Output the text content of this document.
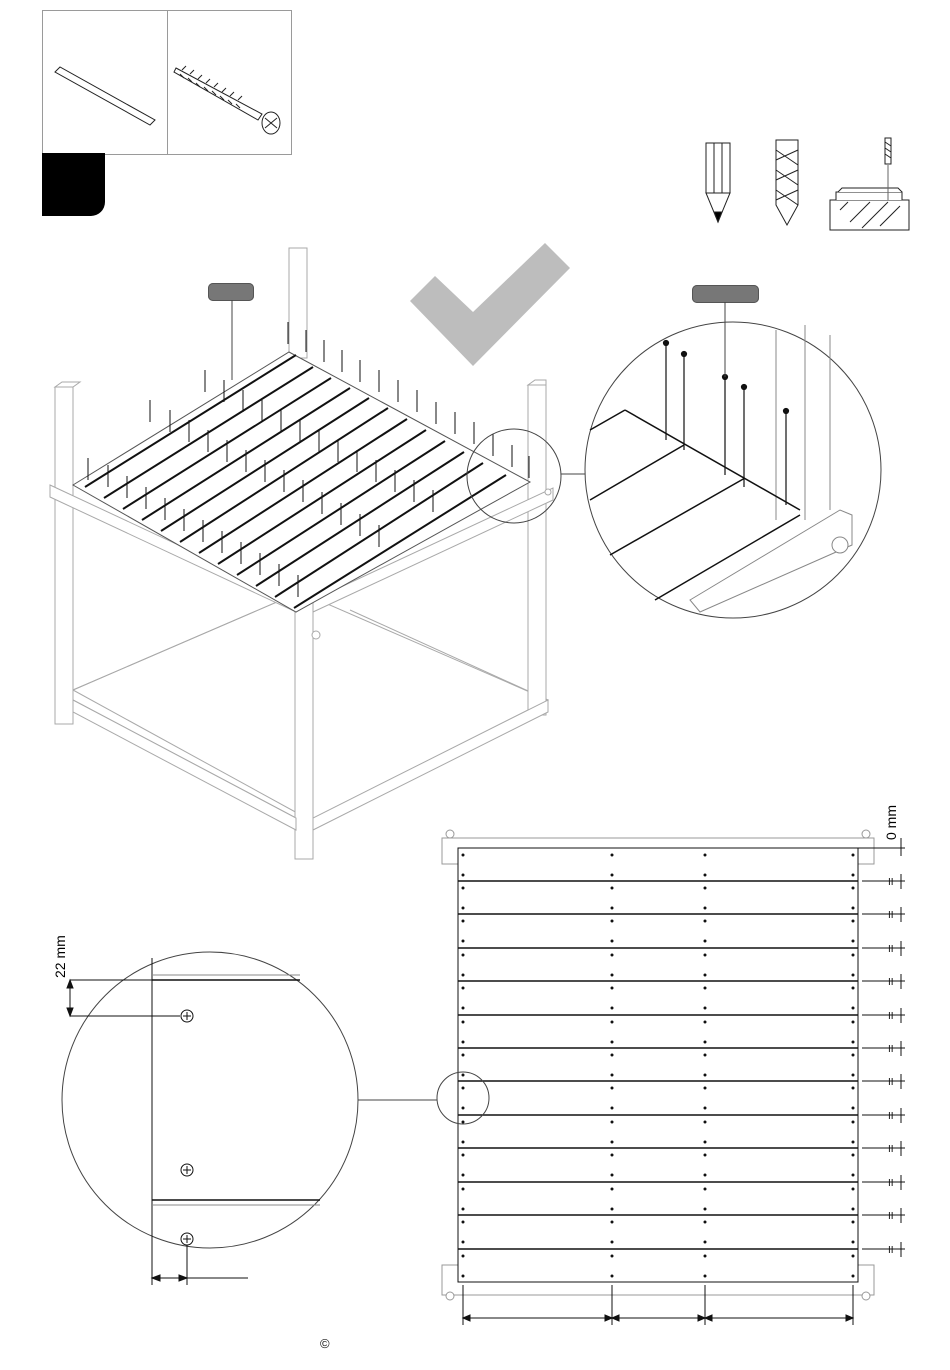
II
II
II
II
II
II
II
II
II
II
II
II
0 mm
22 mm
©
